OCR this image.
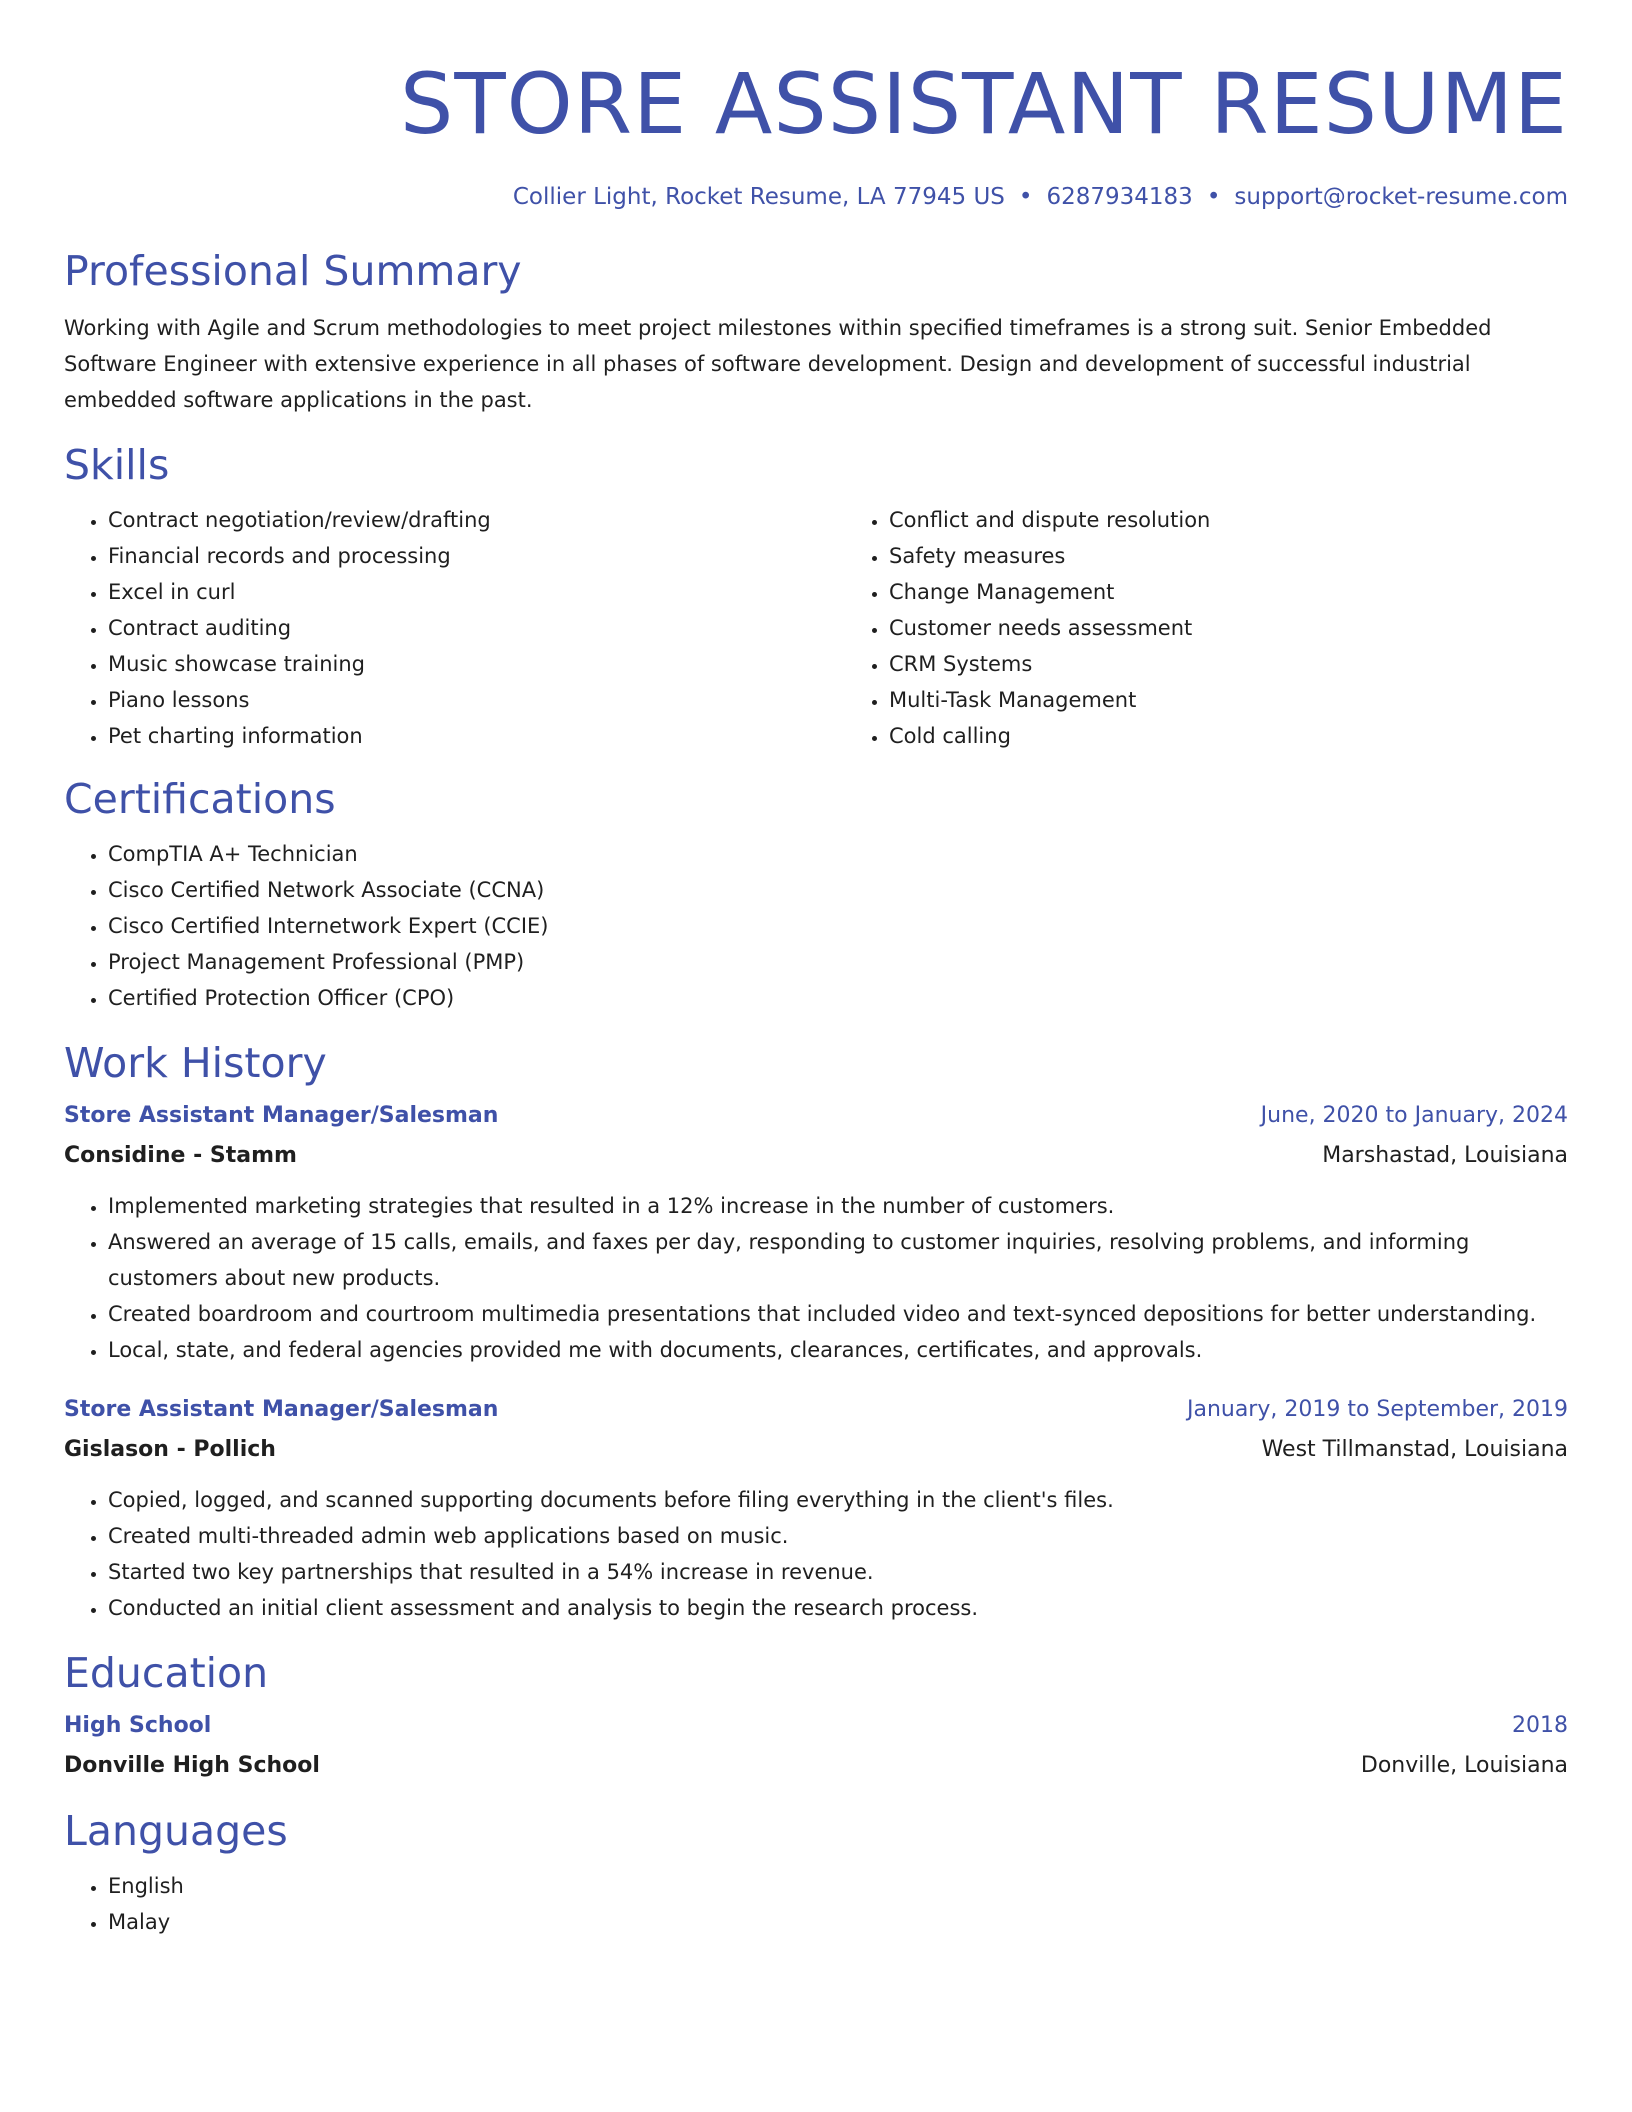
STORE ASSISTANT RESUME
Collier Light, Rocket Resume, LA 77945 US • 6287934183 • support@rocket-resume.com
Professional Summary

Working with Agile and Scrum methodologies to meet project milestones within specified timeframes is a strong suit. Senior Embedded Software Engineer with extensive experience in all phases of software development. Design and development of successful industrial embedded software applications in the past.

Skills
• Contract negotiation/review/drafting
• Financial records and processing
• Excel in curl
• Contract auditing
• Music showcase training
• Piano lessons
• Pet charting information
• Conflict and dispute resolution
• Safety measures
• Change Management
• Customer needs assessment
• CRM Systems
• Multi-Task Management
• Cold calling
Certifications
• CompTIA A+ Technician
• Cisco Certified Network Associate (CCNA)
• Cisco Certified Internetwork Expert (CCIE)
• Project Management Professional (PMP)
• Certified Protection Officer (CPO)
Work History
Store Assistant Manager/Salesman	June, 2020 to January, 2024
Considine - Stamm	Marshastad, Louisiana
• Implemented marketing strategies that resulted in a 12% increase in the number of customers.
• Answered an average of 15 calls, emails, and faxes per day, responding to customer inquiries, resolving problems, and informing customers about new products.
• Created boardroom and courtroom multimedia presentations that included video and text-synced depositions for better understanding.
• Local, state, and federal agencies provided me with documents, clearances, certificates, and approvals.
Store Assistant Manager/Salesman	January, 2019 to September, 2019
Gislason - Pollich	West Tillmanstad, Louisiana
• Copied, logged, and scanned supporting documents before filing everything in the client's files.
• Created multi-threaded admin web applications based on music.
• Started two key partnerships that resulted in a 54% increase in revenue.
• Conducted an initial client assessment and analysis to begin the research process.
Education
High School	2018
Donville High School	Donville, Louisiana
Languages
• English
• Malay
